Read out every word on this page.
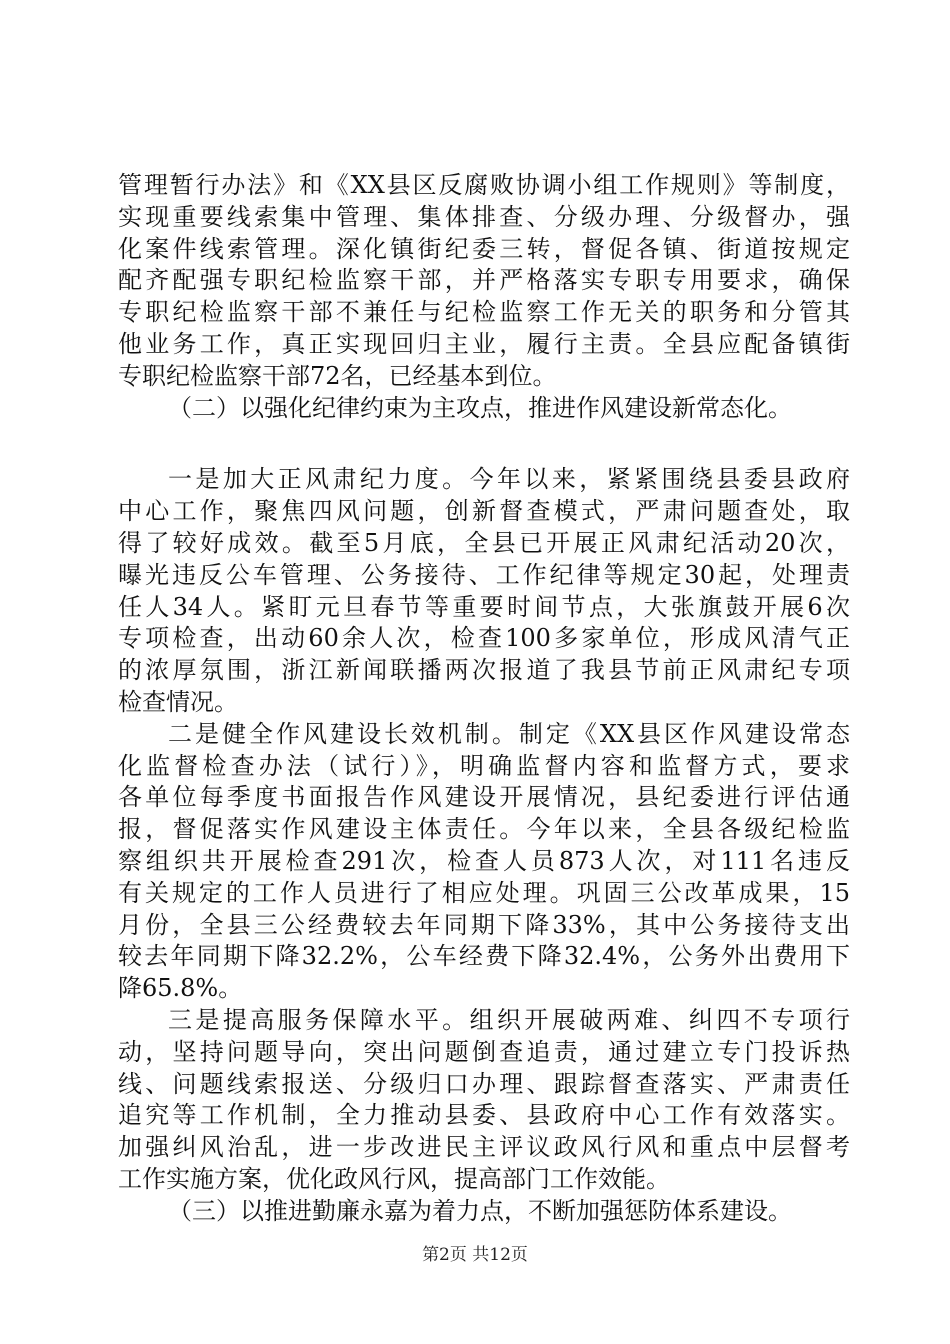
管理暂行办法》和《XX县区反腐败协调小组工作规则》等制度，
实现重要线索集中管理、集体排查、分级办理、分级督办，强
化案件线索管理。深化镇街纪委三转，督促各镇、街道按规定
配齐配强专职纪检监察干部，并严格落实专职专用要求，确保
专职纪检监察干部不兼任与纪检监察工作无关的职务和分管其
他业务工作，真正实现回归主业，履行主责。全县应配备镇街
专职纪检监察干部72名，已经基本到位。
（二）以强化纪律约束为主攻点，推进作风建设新常态化。
一是加大正风肃纪力度。今年以来，紧紧围绕县委县政府
中心工作，聚焦四风问题，创新督查模式，严肃问题查处，取
得了较好成效。截至5月底，全县已开展正风肃纪活动20次，
曝光违反公车管理、公务接待、工作纪律等规定30起，处理责
任人34人。紧盯元旦春节等重要时间节点，大张旗鼓开展6次
专项检查，出动60余人次，检查100多家单位，形成风清气正
的浓厚氛围，浙江新闻联播两次报道了我县节前正风肃纪专项
检查情况。
二是健全作风建设长效机制。制定《XX县区作风建设常态
化监督检查办法（试行）》，明确监督内容和监督方式，要求
各单位每季度书面报告作风建设开展情况，县纪委进行评估通
报，督促落实作风建设主体责任。今年以来，全县各级纪检监
察组织共开展检查291次，检查人员873人次，对111名违反
有关规定的工作人员进行了相应处理。巩固三公改革成果，15
月份，全县三公经费较去年同期下降33%，其中公务接待支出
较去年同期下降32.2%，公车经费下降32.4%，公务外出费用下
降65.8%。
三是提高服务保障水平。组织开展破两难、纠四不专项行
动，坚持问题导向，突出问题倒查追责，通过建立专门投诉热
线、问题线索报送、分级归口办理、跟踪督查落实、严肃责任
追究等工作机制，全力推动县委、县政府中心工作有效落实。
加强纠风治乱，进一步改进民主评议政风行风和重点中层督考
工作实施方案，优化政风行风，提高部门工作效能。
（三）以推进勤廉永嘉为着力点，不断加强惩防体系建设。
第2页 共12页
